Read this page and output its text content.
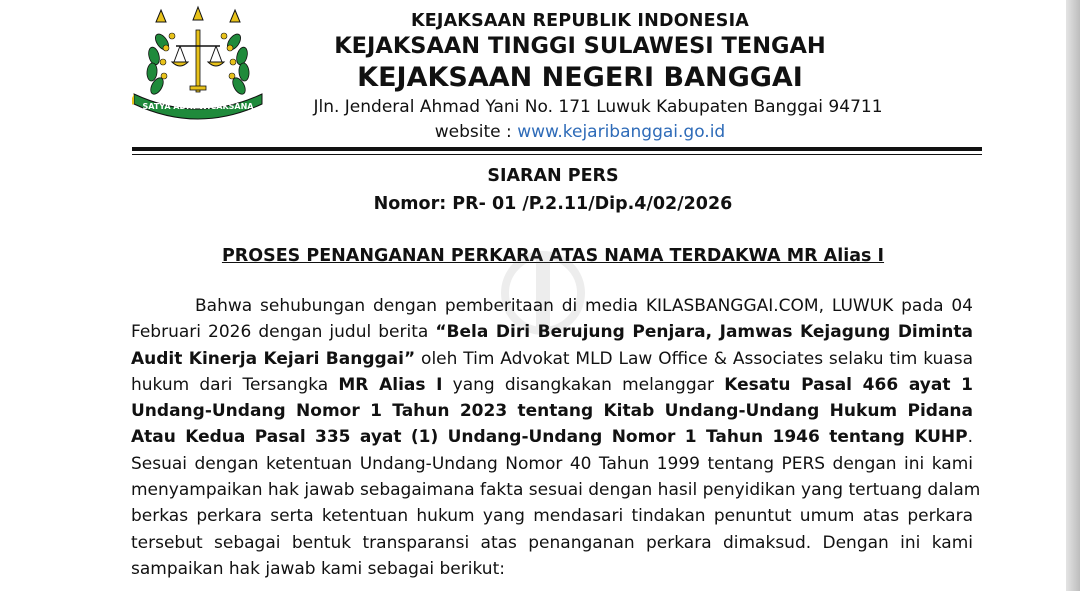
SATYA ADHI WICAKSANA
KEJAKSAAN REPUBLIK INDONESIA
KEJAKSAAN TINGGI SULAWESI TENGAH
KEJAKSAAN NEGERI BANGGAI
Jln. Jenderal Ahmad Yani No. 171 Luwuk Kabupaten Banggai 94711
website : www.kejaribanggai.go.id
SIARAN PERS
Nomor: PR- 01 /P.2.11/Dip.4/02/2026
PROSES PENANGANAN PERKARA ATAS NAMA TERDAKWA MR Alias I
Bahwa sehubungan dengan pemberitaan di media KILASBANGGAI.COM, LUWUK pada 04
Februari 2026 dengan judul berita “Bela Diri Berujung Penjara, Jamwas Kejagung Diminta
Audit Kinerja Kejari Banggai” oleh Tim Advokat MLD Law Office & Associates selaku tim kuasa
hukum dari Tersangka MR Alias I yang disangkakan melanggar Kesatu Pasal 466 ayat 1
Undang-Undang Nomor 1 Tahun 2023 tentang Kitab Undang-Undang Hukum Pidana
Atau Kedua Pasal 335 ayat (1) Undang-Undang Nomor 1 Tahun 1946 tentang KUHP.
Sesuai dengan ketentuan Undang-Undang Nomor 40 Tahun 1999 tentang PERS dengan ini kami
menyampaikan hak jawab sebagaimana fakta sesuai dengan hasil penyidikan yang tertuang dalam
berkas perkara serta ketentuan hukum yang mendasari tindakan penuntut umum atas perkara
tersebut sebagai bentuk transparansi atas penanganan perkara dimaksud. Dengan ini kami
sampaikan hak jawab kami sebagai berikut:
